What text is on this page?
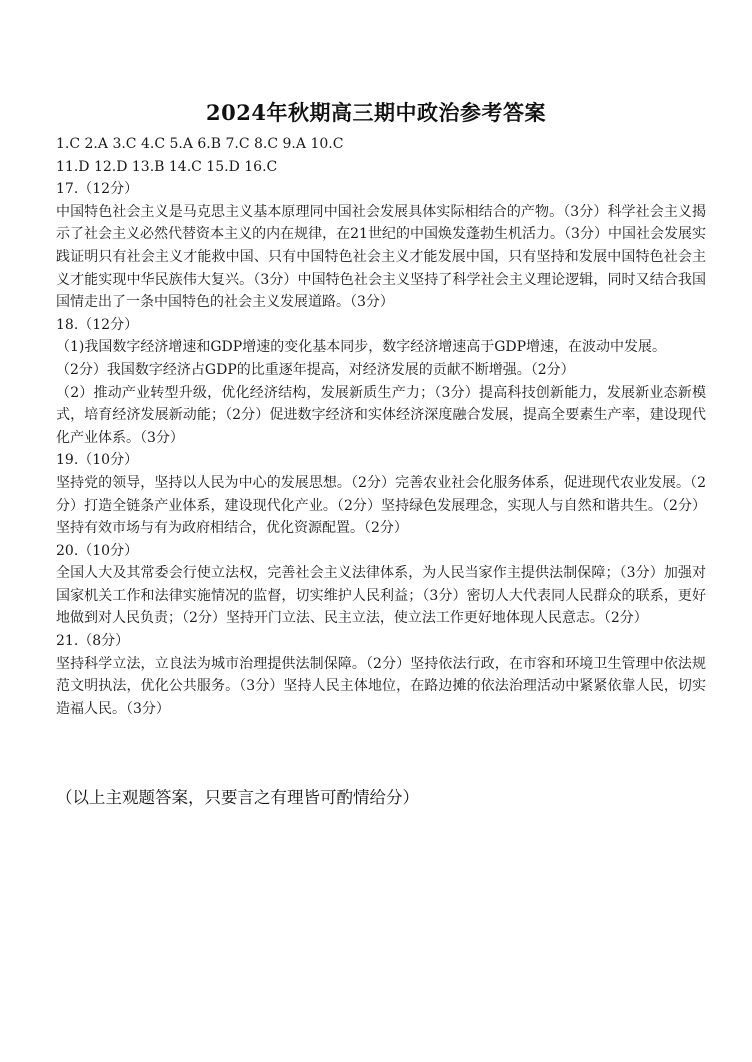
2024年秋期高三期中政治参考答案

1.C 2.A 3.C 4.C 5.A 6.B 7.C 8.C 9.A 10.C

11.D 12.D 13.B 14.C 15.D 16.C

17.（12分）

中国特色社会主义是马克思主义基本原理同中国社会发展具体实际相结合的产物。（3分）科学社会主义揭示了社会主义必然代替资本主义的内在规律，在21世纪的中国焕发蓬勃生机活力。（3分）中国社会发展实践证明只有社会主义才能救中国、只有中国特色社会主义才能发展中国，只有坚持和发展中国特色社会主义才能实现中华民族伟大复兴。（3分）中国特色社会主义坚持了科学社会主义理论逻辑，同时又结合我国国情走出了一条中国特色的社会主义发展道路。（3分）

18.（12分）

（1)我国数字经济增速和GDP增速的变化基本同步，数字经济增速高于GDP增速，在波动中发展。

（2分）我国数字经济占GDP的比重逐年提高，对经济发展的贡献不断增强。（2分）

（2）推动产业转型升级，优化经济结构，发展新质生产力；（3分）提高科技创新能力，发展新业态新模式，培育经济发展新动能；（2分）促进数字经济和实体经济深度融合发展，提高全要素生产率，建设现代化产业体系。（3分）

19.（10分）

坚持党的领导，坚持以人民为中心的发展思想。（2分）完善农业社会化服务体系，促进现代农业发展。（2分）打造全链条产业体系，建设现代化产业。（2分）坚持绿色发展理念，实现人与自然和谐共生。（2分）坚持有效市场与有为政府相结合，优化资源配置。（2分）

20.（10分）

全国人大及其常委会行使立法权，完善社会主义法律体系，为人民当家作主提供法制保障；（3分）加强对国家机关工作和法律实施情况的监督，切实维护人民利益；（3分）密切人大代表同人民群众的联系，更好地做到对人民负责；（2分）坚持开门立法、民主立法，使立法工作更好地体现人民意志。（2分）

21.（8分）

坚持科学立法，立良法为城市治理提供法制保障。（2分）坚持依法行政，在市容和环境卫生管理中依法规范文明执法，优化公共服务。（3分）坚持人民主体地位，在路边摊的依法治理活动中紧紧依靠人民，切实造福人民。（3分）

（以上主观题答案，只要言之有理皆可酌情给分）
